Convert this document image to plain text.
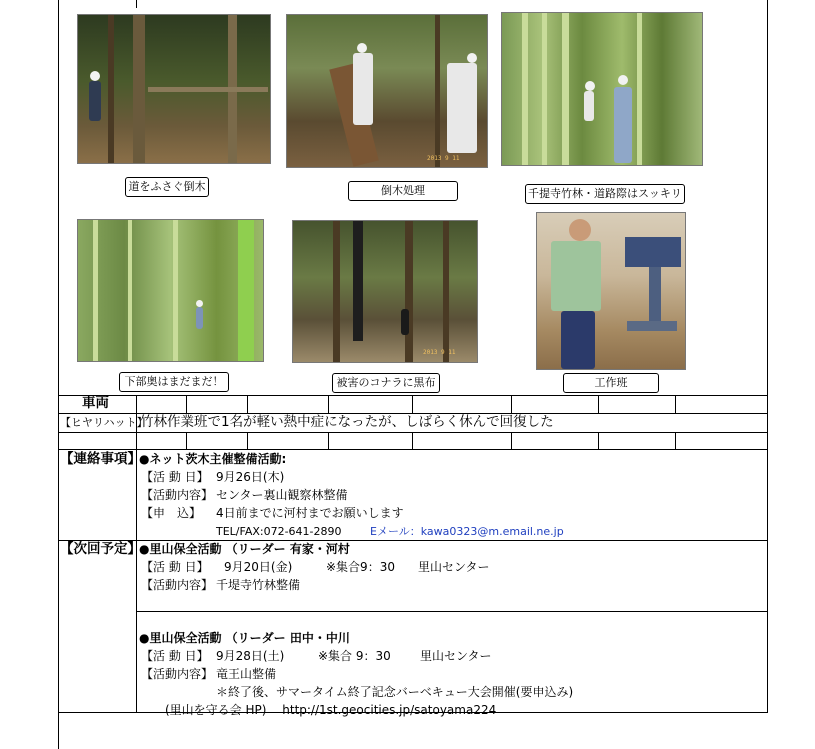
2013 9 11
道をふさぐ倒木	倒木処理	千提寺竹林・道路際はスッキリ
2013 9 11
下部奥はまだまだ！	被害のコナラに黒布	工作班
車両
【ヒヤリハット】
竹林作業班で1名が軽い熱中症になったが、しばらく休んで回復した
【連絡事項】
●ネット茨木主催整備活動:
【活 動 日】 9月26日(木)
【活動内容】 センター裏山観察林整備
【申　込】 4日前までに河村までお願いします
TEL/FAX:072-641-2890	Eメール：kawa0323@m.email.ne.jp
【次回予定】
●里山保全活動 （リーダー 有家・河村
【活 動 日】 9月20日(金)	※集合9：30 里山センター
【活動内容】 千堤寺竹林整備
●里山保全活動 （リーダー 田中・中川
【活 動 日】 9月28日(土)	※集合 9：30 里山センター
【活動内容】 竜王山整備
＊終了後、サマータイム終了記念バーベキュー大会開催(要申込み)
(里山を守る会 HP)　 http://1st.geocities.jp/satoyama224
